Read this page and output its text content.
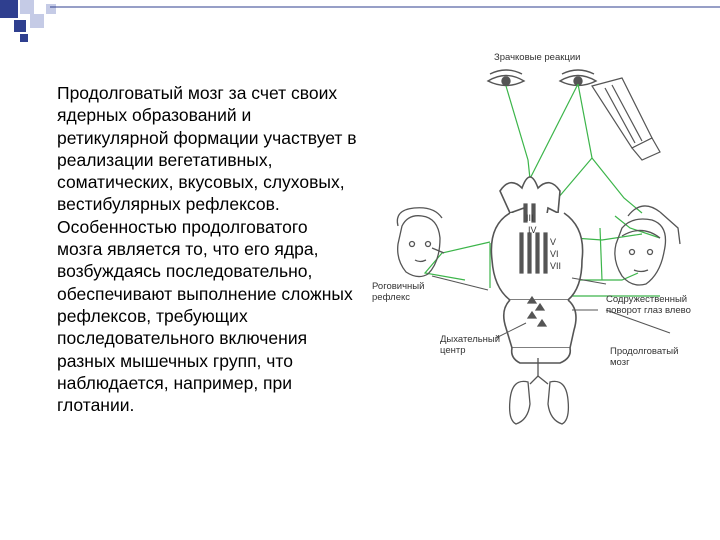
Продолговатый мозг за счет своих ядерных образований и ретикулярной формации участвует в реализации вегетативных, соматических, вкусовых, слуховых, вестибулярных рефлексов. Особенностью продолговатого мозга является то, что его ядра, возбуждаясь последовательно, обеспечивают выполнение сложных рефлексов, требующих последовательного включения разных мышечных групп, что наблюдается, например, при глотании.
Зрачковые реакции
Роговичный
рефлекс
Дыхательный
центр
Содружественный
поворот глаз влево
Продолговатый
мозг
III
IV
V
VI
VII
